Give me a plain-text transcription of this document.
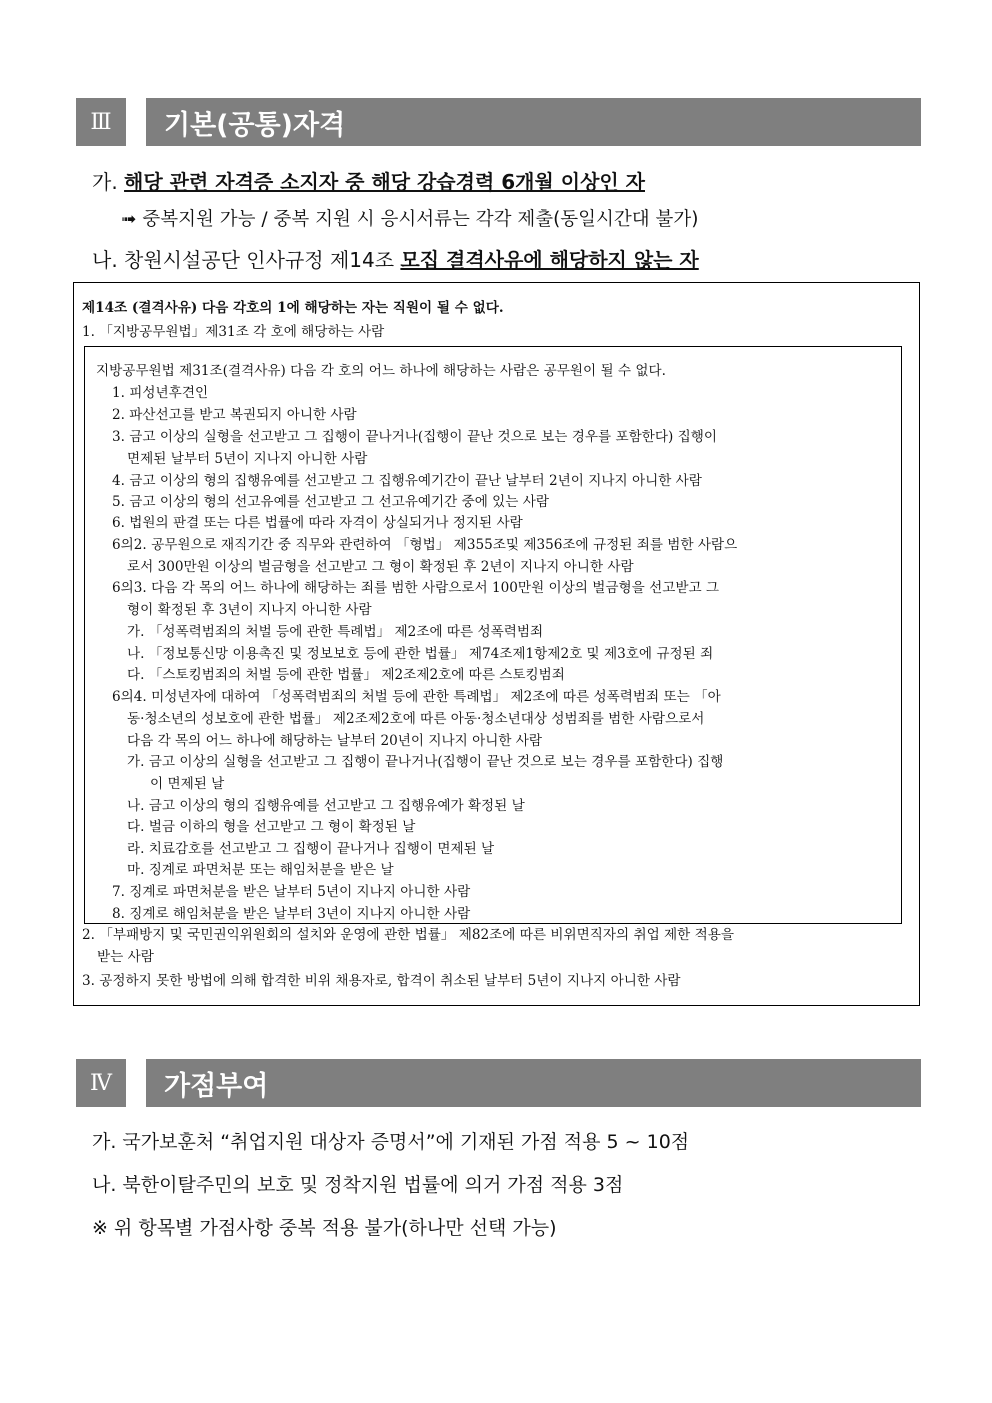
Ⅲ	기본(공통)자격
가. 해당 관련 자격증 소지자 중 해당 강습경력 6개월 이상인 자
➟ 중복지원 가능 / 중복 지원 시 응시서류는 각각 제출(동일시간대 불가)
나. 창원시설공단 인사규정 제14조 모집 결격사유에 해당하지 않는 자
제14조 (결격사유) 다음 각호의 1에 해당하는 자는 직원이 될 수 없다.
1. 「지방공무원법」제31조 각 호에 해당하는 사람
지방공무원법 제31조(결격사유) 다음 각 호의 어느 하나에 해당하는 사람은 공무원이 될 수 없다.
1. 피성년후견인
2. 파산선고를 받고 복권되지 아니한 사람
3. 금고 이상의 실형을 선고받고 그 집행이 끝나거나(집행이 끝난 것으로 보는 경우를 포함한다) 집행이
면제된 날부터 5년이 지나지 아니한 사람
4. 금고 이상의 형의 집행유예를 선고받고 그 집행유예기간이 끝난 날부터 2년이 지나지 아니한 사람
5. 금고 이상의 형의 선고유예를 선고받고 그 선고유예기간 중에 있는 사람
6. 법원의 판결 또는 다른 법률에 따라 자격이 상실되거나 정지된 사람
6의2. 공무원으로 재직기간 중 직무와 관련하여 「형법」 제355조및 제356조에 규정된 죄를 범한 사람으
로서 300만원 이상의 벌금형을 선고받고 그 형이 확정된 후 2년이 지나지 아니한 사람
6의3. 다음 각 목의 어느 하나에 해당하는 죄를 범한 사람으로서 100만원 이상의 벌금형을 선고받고 그
형이 확정된 후 3년이 지나지 아니한 사람
가. 「성폭력범죄의 처벌 등에 관한 특례법」 제2조에 따른 성폭력범죄
나. 「정보통신망 이용촉진 및 정보보호 등에 관한 법률」 제74조제1항제2호 및 제3호에 규정된 죄
다. 「스토킹범죄의 처벌 등에 관한 법률」 제2조제2호에 따른 스토킹범죄
6의4. 미성년자에 대하여 「성폭력범죄의 처벌 등에 관한 특례법」 제2조에 따른 성폭력범죄 또는 「아
동·청소년의 성보호에 관한 법률」 제2조제2호에 따른 아동·청소년대상 성범죄를 범한 사람으로서
다음 각 목의 어느 하나에 해당하는 날부터 20년이 지나지 아니한 사람
가. 금고 이상의 실형을 선고받고 그 집행이 끝나거나(집행이 끝난 것으로 보는 경우를 포함한다) 집행
이 면제된 날
나. 금고 이상의 형의 집행유예를 선고받고 그 집행유예가 확정된 날
다. 벌금 이하의 형을 선고받고 그 형이 확정된 날
라. 치료감호를 선고받고 그 집행이 끝나거나 집행이 면제된 날
마. 징계로 파면처분 또는 해임처분을 받은 날
7. 징계로 파면처분을 받은 날부터 5년이 지나지 아니한 사람
8. 징계로 해임처분을 받은 날부터 3년이 지나지 아니한 사람
2. 「부패방지 및 국민권익위원회의 설치와 운영에 관한 법률」 제82조에 따른 비위면직자의 취업 제한 적용을
받는 사람
3. 공정하지 못한 방법에 의해 합격한 비위 채용자로, 합격이 취소된 날부터 5년이 지나지 아니한 사람
Ⅳ	가점부여
가. 국가보훈처 “취업지원 대상자 증명서”에 기재된 가점 적용 5 ~ 10점
나. 북한이탈주민의 보호 및 정착지원 법률에 의거 가점 적용 3점
※ 위 항목별 가점사항 중복 적용 불가(하나만 선택 가능)
